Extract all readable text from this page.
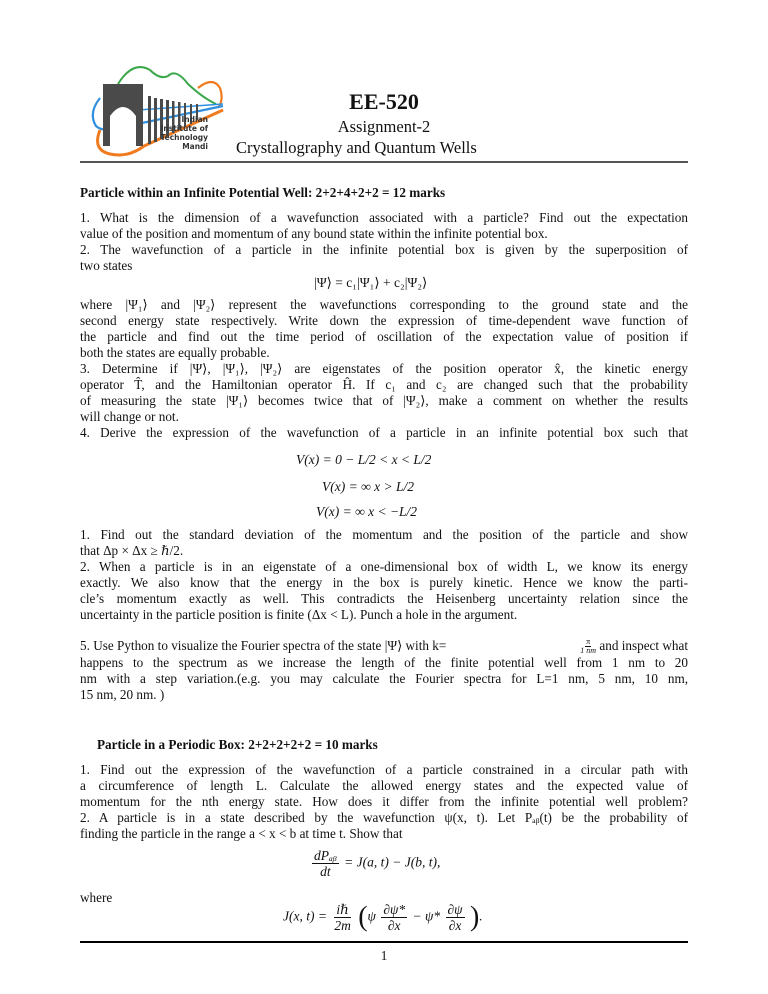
Indian
Institute of
Technology
Mandi
EE-520
Assignment-2
Crystallography and Quantum Wells
Particle within an Infinite Potential Well: 2+2+4+2+2 = 12 marks
1. What is the dimension of a wavefunction associated with a particle? Find out the expectation
value of the position and momentum of any bound state within the infinite potential box.
2. The wavefunction of a particle in the infinite potential box is given by the superposition of
two states
|Ψ⟩ = c₁|Ψ₁⟩ + c₂|Ψ₂⟩
where |Ψ₁⟩ and |Ψ₂⟩ represent the wavefunctions corresponding to the ground state and the
second energy state respectively. Write down the expression of time-dependent wave function of
the particle and find out the time period of oscillation of the expectation value of position if
both the states are equally probable.
3. Determine if |Ψ⟩, |Ψ₁⟩, |Ψ₂⟩ are eigenstates of the position operator x̂, the kinetic energy
operator T̂, and the Hamiltonian operator Ĥ. If c₁ and c₂ are changed such that the probability
of measuring the state |Ψ₁⟩ becomes twice that of |Ψ₂⟩, make a comment on whether the results
will change or not.
4. Derive the expression of the wavefunction of a particle in an infinite potential box such that
V(x) = 0 − L/2 < x < L/2
V(x) = ∞ x > L/2
V(x) = ∞ x < −L/2
1. Find out the standard deviation of the momentum and the position of the particle and show
that Δp × Δx ≥ ℏ/2.
2. When a particle is in an eigenstate of a one-dimensional box of width L, we know its energy
exactly. We also know that the energy in the box is purely kinetic. Hence we know the parti-
cle’s momentum exactly as well. This contradicts the Heisenberg uncertainty relation since the
uncertainty in the particle position is finite (Δx < L). Punch a hole in the argument.
5. Use Python to visualize the Fourier spectra of the state |Ψ⟩ with k=	$\frac{\pi}{1 nm}$ and inspect what
happens to the spectrum as we increase the length of the finite potential well from 1 nm to 20
nm with a step variation.(e.g. you may calculate the Fourier spectra for L=1 nm, 5 nm, 10 nm,
15 nm, 20 nm. )
Particle in a Periodic Box: 2+2+2+2+2 = 10 marks
1. Find out the expression of the wavefunction of a particle constrained in a circular path with
a circumference of length L. Calculate the allowed energy states and the expected value of
momentum for the nth energy state. How does it differ from the infinite potential well problem?
2. A particle is in a state described by the wavefunction ψ(x, t). Let Pₐᵦ(t) be the probability of
finding the particle in the range a < x < b at time t. Show that
$\frac{\text{dPₐᵦ}}{dt} = J(a$, t) − J(b, t),
where
J(x, $t) = \frac{\text{iℏ}}{2m} (\psi \frac{\partial\psi*}{\partial x} - \psi* \frac{\partial\psi}{\partial x}$ ).
1
